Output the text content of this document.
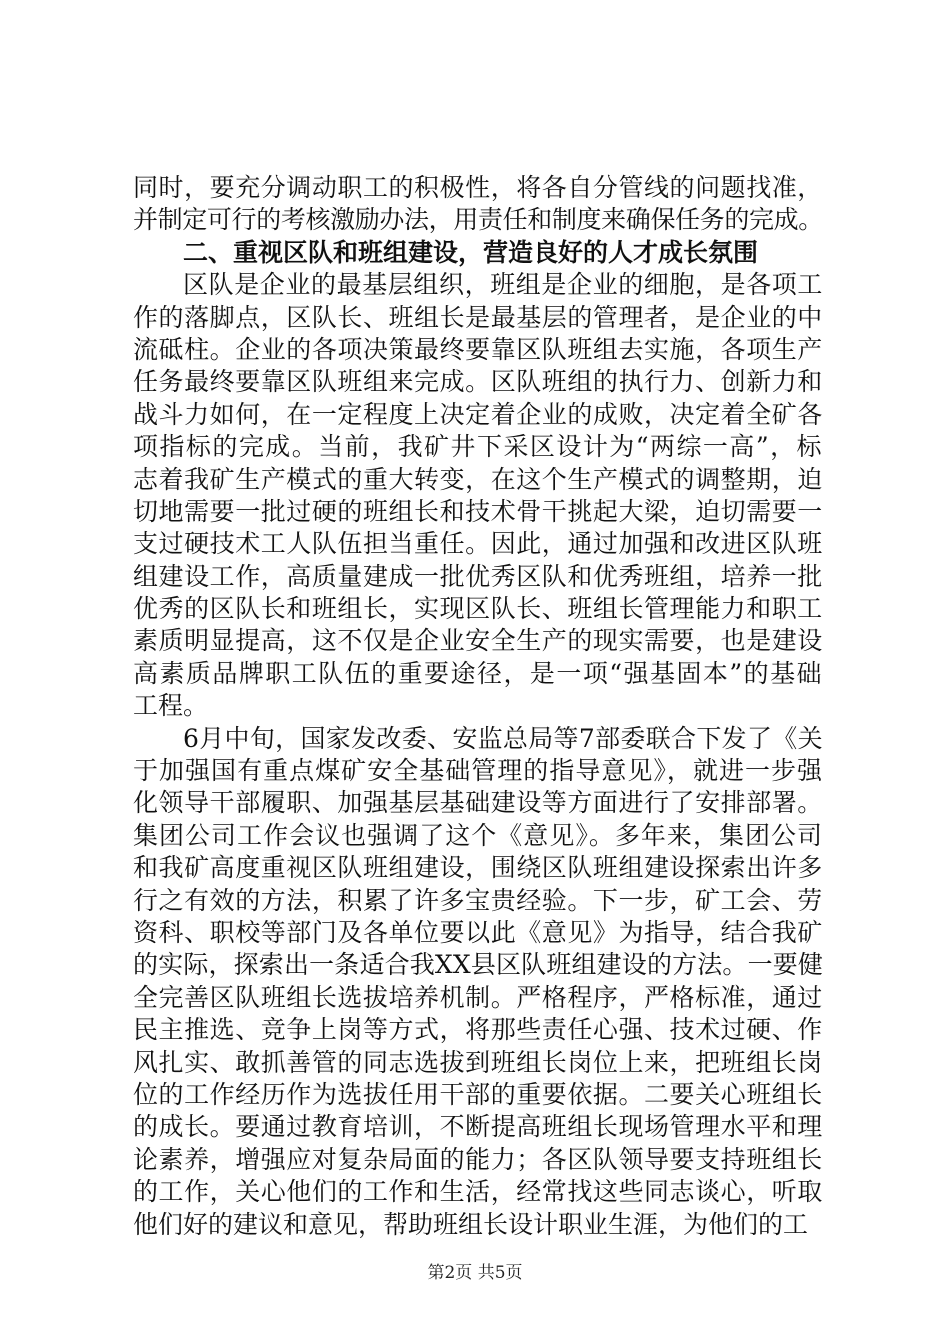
同时，要充分调动职工的积极性，将各自分管线的问题找准，
并制定可行的考核激励办法，用责任和制度来确保任务的完成。
二、重视区队和班组建设，营造良好的人才成长氛围
区队是企业的最基层组织，班组是企业的细胞，是各项工
作的落脚点，区队长、班组长是最基层的管理者，是企业的中
流砥柱。企业的各项决策最终要靠区队班组去实施，各项生产
任务最终要靠区队班组来完成。区队班组的执行力、创新力和
战斗力如何，在一定程度上决定着企业的成败，决定着全矿各
项指标的完成。当前，我矿井下采区设计为“两综一高”，标
志着我矿生产模式的重大转变，在这个生产模式的调整期，迫
切地需要一批过硬的班组长和技术骨干挑起大梁，迫切需要一
支过硬技术工人队伍担当重任。因此，通过加强和改进区队班
组建设工作，高质量建成一批优秀区队和优秀班组，培养一批
优秀的区队长和班组长，实现区队长、班组长管理能力和职工
素质明显提高，这不仅是企业安全生产的现实需要，也是建设
高素质品牌职工队伍的重要途径，是一项“强基固本”的基础
工程。
6月中旬，国家发改委、安监总局等7部委联合下发了《关
于加强国有重点煤矿安全基础管理的指导意见》，就进一步强
化领导干部履职、加强基层基础建设等方面进行了安排部署。
集团公司工作会议也强调了这个《意见》。多年来，集团公司
和我矿高度重视区队班组建设，围绕区队班组建设探索出许多
行之有效的方法，积累了许多宝贵经验。下一步，矿工会、劳
资科、职校等部门及各单位要以此《意见》为指导，结合我矿
的实际，探索出一条适合我XX县区队班组建设的方法。一要健
全完善区队班组长选拔培养机制。严格程序，严格标准，通过
民主推选、竞争上岗等方式，将那些责任心强、技术过硬、作
风扎实、敢抓善管的同志选拔到班组长岗位上来，把班组长岗
位的工作经历作为选拔任用干部的重要依据。二要关心班组长
的成长。要通过教育培训，不断提高班组长现场管理水平和理
论素养，增强应对复杂局面的能力；各区队领导要支持班组长
的工作，关心他们的工作和生活，经常找这些同志谈心，听取
他们好的建议和意见，帮助班组长设计职业生涯，为他们的工
第2页 共5页
